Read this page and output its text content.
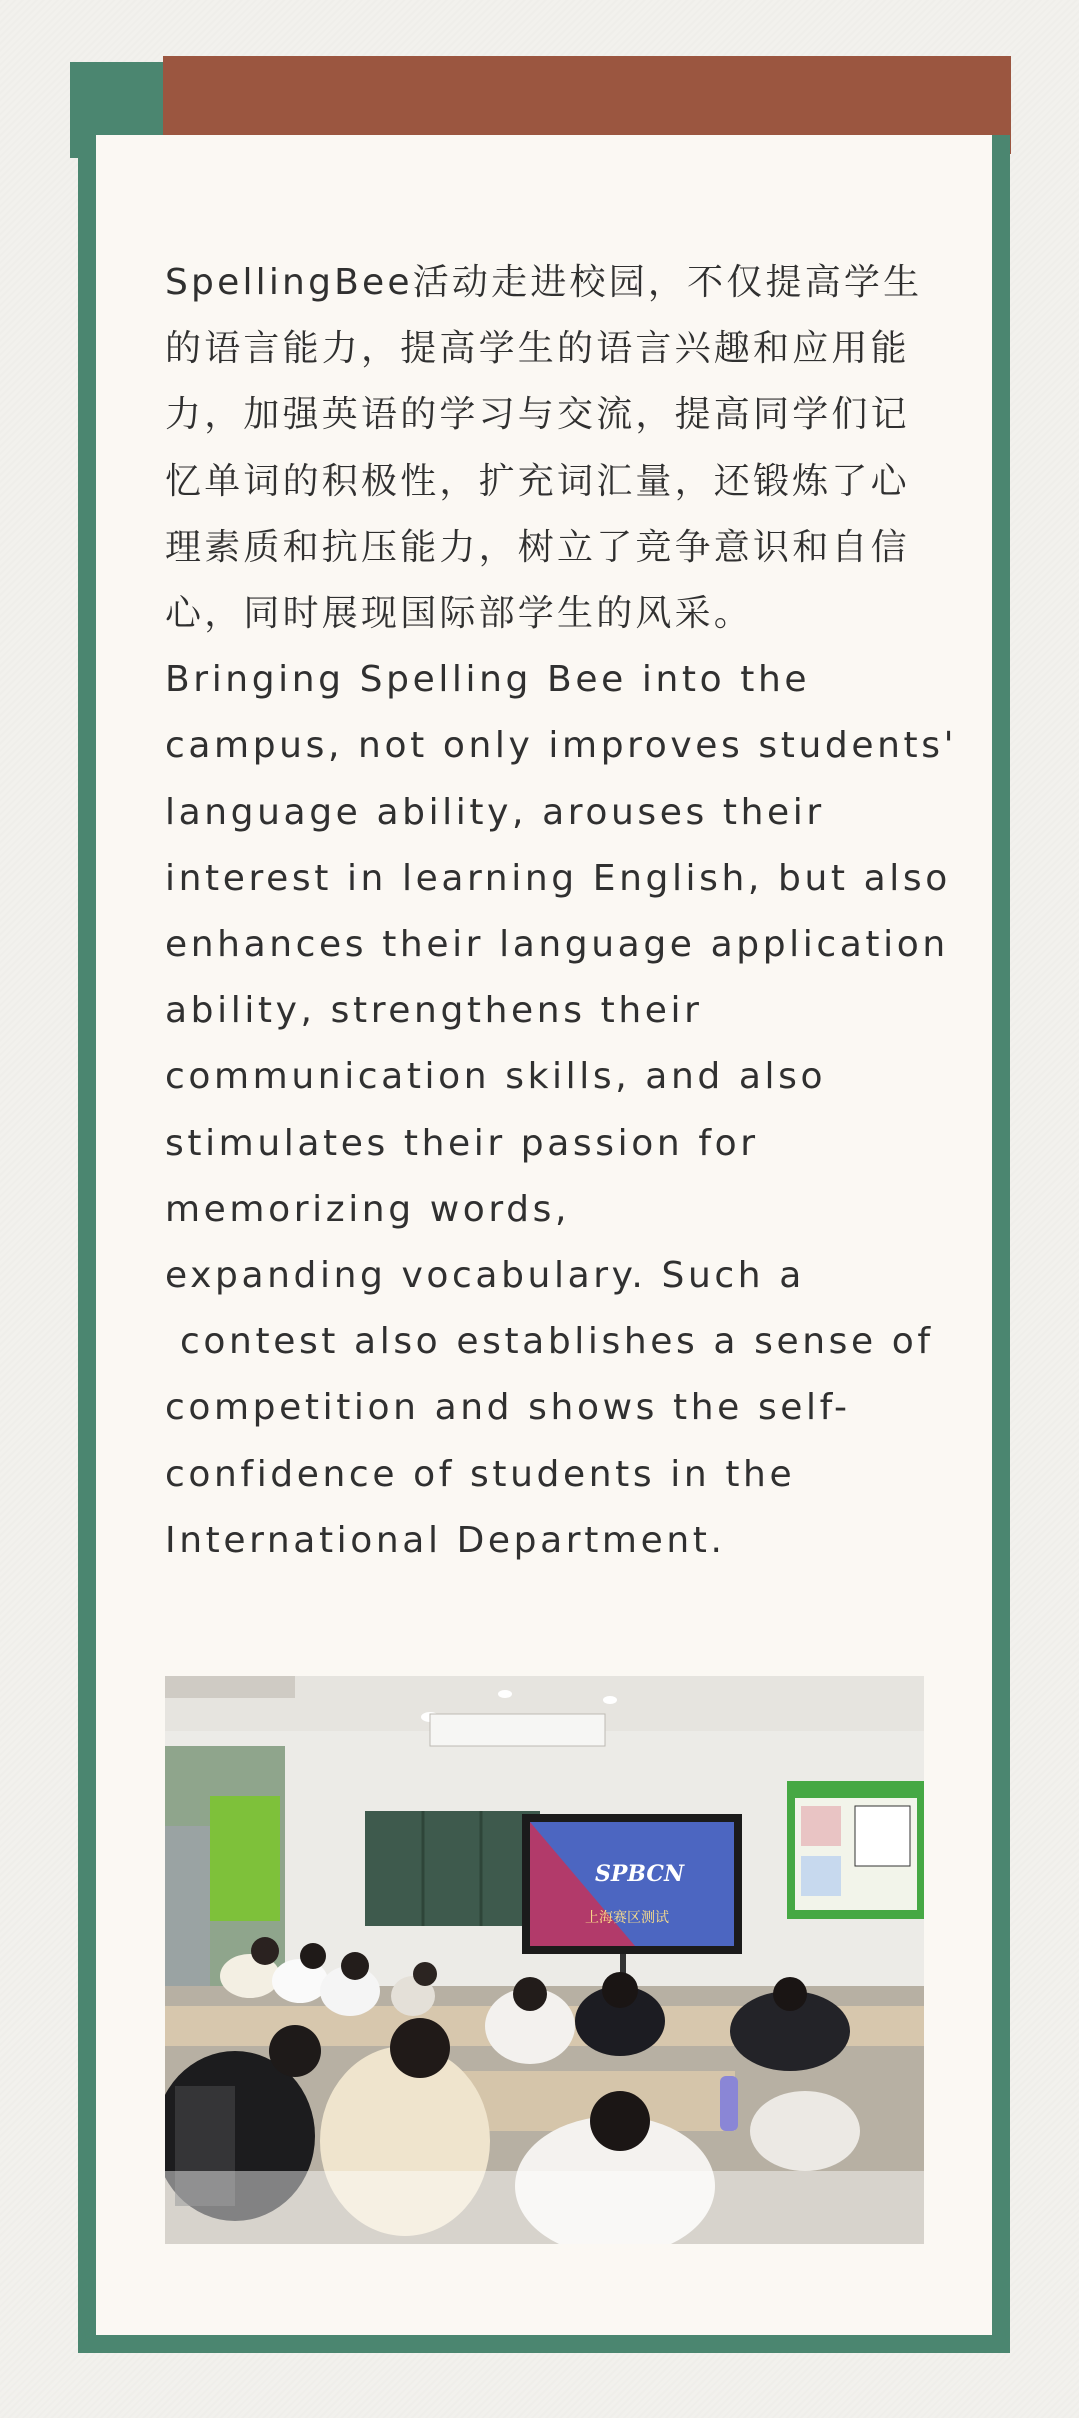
SpellingBee活动走进校园，不仅提高学生的语言能力，提高学生的语言兴趣和应用能力，加强英语的学习与交流，提高同学们记忆单词的积极性，扩充词汇量，还锻炼了心理素质和抗压能力，树立了竞争意识和自信心，同时展现国际部学生的风采。

Bringing Spelling Bee into the
campus, not only improves students'
language ability, arouses their
interest in learning English, but also
enhances their language application
ability, strengthens their
communication skills, and also
stimulates their passion for
memorizing words,
expanding vocabulary. Such a
contest also establishes a sense of
competition and shows the self-
confidence of students in the
International Department.

SPBCN
上海赛区测试
